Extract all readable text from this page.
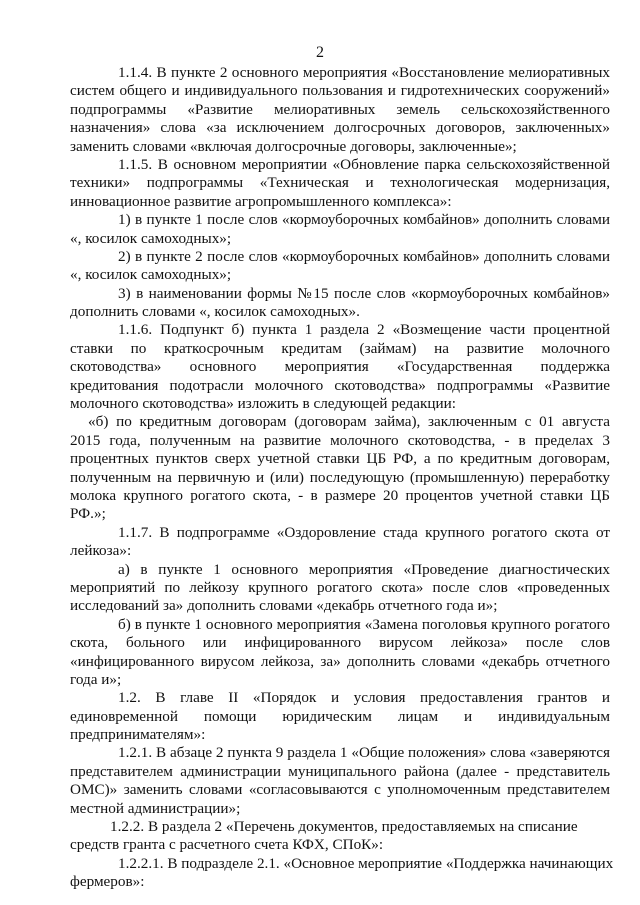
2
1.1.4. В пункте 2 основного мероприятия «Восстановление мелиоративных
систем общего и индивидуального пользования и гидротехнических сооружений»
подпрограммы «Развитие мелиоративных земель сельскохозяйственного
назначения» слова «за исключением долгосрочных договоров, заключенных»
заменить словами «включая долгосрочные договоры, заключенные»;
1.1.5. В основном мероприятии «Обновление парка сельскохозяйственной
техники» подпрограммы «Техническая и технологическая модернизация,
инновационное развитие агропромышленного комплекса»:
1) в пункте 1 после слов «кормоуборочных комбайнов» дополнить словами
«, косилок самоходных»;
2) в пункте 2 после слов «кормоуборочных комбайнов» дополнить словами
«, косилок самоходных»;
3) в наименовании формы №15 после слов «кормоуборочных комбайнов»
дополнить словами «, косилок самоходных».
1.1.6. Подпункт б) пункта 1 раздела 2 «Возмещение части процентной
ставки по краткосрочным кредитам (займам) на развитие молочного
скотоводства» основного мероприятия «Государственная поддержка
кредитования подотрасли молочного скотоводства» подпрограммы «Развитие
молочного скотоводства» изложить в следующей редакции:
«б) по кредитным договорам (договорам займа), заключенным с 01 августа
2015 года, полученным на развитие молочного скотоводства, - в пределах 3
процентных пунктов сверх учетной ставки ЦБ РФ, а по кредитным договорам,
полученным на первичную и (или) последующую (промышленную) переработку
молока крупного рогатого скота, - в размере 20 процентов учетной ставки ЦБ
РФ.»;
1.1.7. В подпрограмме «Оздоровление стада крупного рогатого скота от
лейкоза»:
а) в пункте 1 основного мероприятия «Проведение диагностических
мероприятий по лейкозу крупного рогатого скота» после слов «проведенных
исследований за» дополнить словами «декабрь отчетного года и»;
б) в пункте 1 основного мероприятия «Замена поголовья крупного рогатого
скота, больного или инфицированного вирусом лейкоза» после слов
«инфицированного вирусом лейкоза, за» дополнить словами «декабрь отчетного
года и»;
1.2. В главе II «Порядок и условия предоставления грантов и
единовременной помощи юридическим лицам и индивидуальным
предпринимателям»:
1.2.1. В абзаце 2 пункта 9 раздела 1 «Общие положения» слова «заверяются
представителем администрации муниципального района (далее - представитель
ОМС)» заменить словами «согласовываются с уполномоченным представителем
местной администрации»;
1.2.2. В раздела 2 «Перечень документов, предоставляемых на списание
средств гранта с расчетного счета КФХ, СПоК»:
1.2.2.1. В подразделе 2.1. «Основное мероприятие «Поддержка начинающих
фермеров»:
